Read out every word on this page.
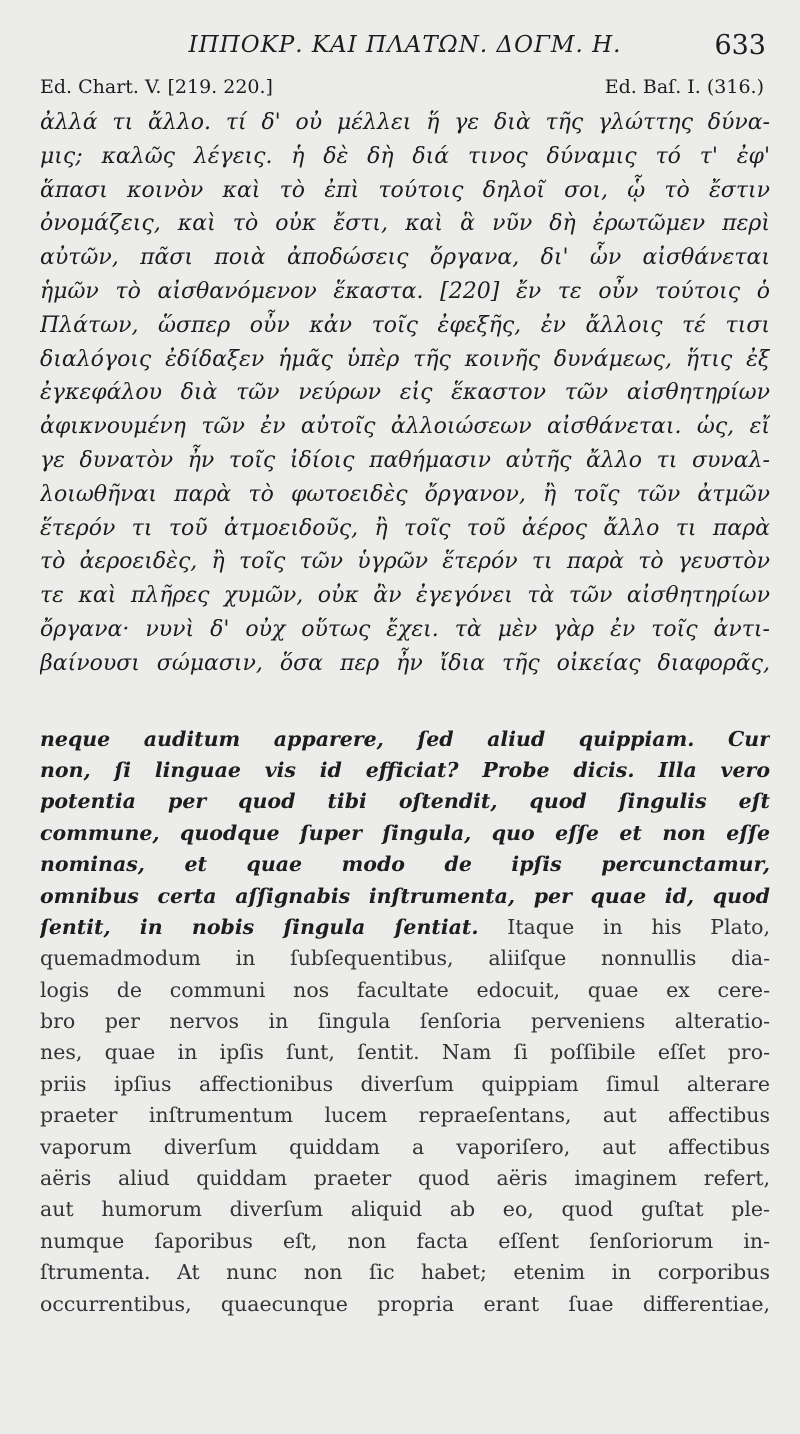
ΙΠΠΟΚΡ. ΚΑΙ ΠΛΑΤΩΝ. ΔΟΓΜ. Η.	633
Ed. Chart. V. [219. 220.]	Ed. Baſ. I. (316.)
ἀλλά τι ἄλλο. τί δ' οὐ μέλλει ἥ γε διὰ τῆς γλώττης δύνα-
μις; καλῶς λέγεις. ἡ δὲ δὴ διά τινος δύναμις τό τ' ἐφ'
ἅπασι κοινὸν καὶ τὸ ἐπὶ τούτοις δηλοῖ σοι, ᾧ τὸ ἔστιν
ὀνομάζεις, καὶ τὸ οὐκ ἔστι, καὶ ἃ νῦν δὴ ἐρωτῶμεν περὶ
αὐτῶν, πᾶσι ποιὰ ἀποδώσεις ὄργανα, δι' ὧν αἰσθάνεται
ἡμῶν τὸ αἰσθανόμενον ἕκαστα. [220] ἔν τε οὖν τούτοις ὁ
Πλάτων, ὥσπερ οὖν κἀν τοῖς ἐφεξῆς, ἐν ἄλλοις τέ τισι
διαλόγοις ἐδίδαξεν ἡμᾶς ὑπὲρ τῆς κοινῆς δυνάμεως, ἥτις ἐξ
ἐγκεφάλου διὰ τῶν νεύρων εἰς ἕκαστον τῶν αἰσθητηρίων
ἀφικνουμένη τῶν ἐν αὐτοῖς ἀλλοιώσεων αἰσθάνεται. ὡς, εἴ
γε δυνατὸν ἦν τοῖς ἰδίοις παθήμασιν αὐτῆς ἄλλο τι συναλ-
λοιωθῆναι παρὰ τὸ φωτοειδὲς ὄργανον, ἢ τοῖς τῶν ἀτμῶν
ἕτερόν τι τοῦ ἀτμοειδοῦς, ἢ τοῖς τοῦ ἀέρος ἄλλο τι παρὰ
τὸ ἀεροειδὲς, ἢ τοῖς τῶν ὑγρῶν ἕτερόν τι παρὰ τὸ γευστὸν
τε καὶ πλῆρες χυμῶν, οὐκ ἂν ἐγεγόνει τὰ τῶν αἰσθητηρίων
ὄργανα· νυνὶ δ' οὐχ οὕτως ἔχει. τὰ μὲν γὰρ ἐν τοῖς ἀντι-
βαίνουσι σώμασιν, ὅσα περ ἦν ἴδια τῆς οἰκείας διαφορᾶς,
neque auditum apparere, ſed aliud quippiam. Cur
non, ſi linguae vis id efficiat? Probe dicis. Illa vero
potentia per quod tibi oſtendit, quod ſingulis eſt
commune, quodque ſuper ſingula, quo eſſe et non eſſe
nominas, et quae modo de ipſis percunctamur,
omnibus certa aſſignabis inſtrumenta, per quae id, quod
ſentit, in nobis ſingula ſentiat. Itaque in his Plato,
quemadmodum in ſubſequentibus, aliiſque nonnullis dia-
logis de communi nos facultate edocuit, quae ex cere-
bro per nervos in ſingula ſenſoria perveniens alteratio-
nes, quae in ipſis ſunt, ſentit. Nam ſi poſſibile eſſet pro-
priis ipſius affectionibus diverſum quippiam ſimul alterare
praeter inſtrumentum lucem repraeſentans, aut affectibus
vaporum diverſum quiddam a vaporiſero, aut affectibus
aëris aliud quiddam praeter quod aëris imaginem refert,
aut humorum diverſum aliquid ab eo, quod guſtat ple-
numque ſaporibus eſt, non facta eſſent ſenſoriorum in-
ſtrumenta. At nunc non ſic habet; etenim in corporibus
occurrentibus, quaecunque propria erant ſuae differentiae,
